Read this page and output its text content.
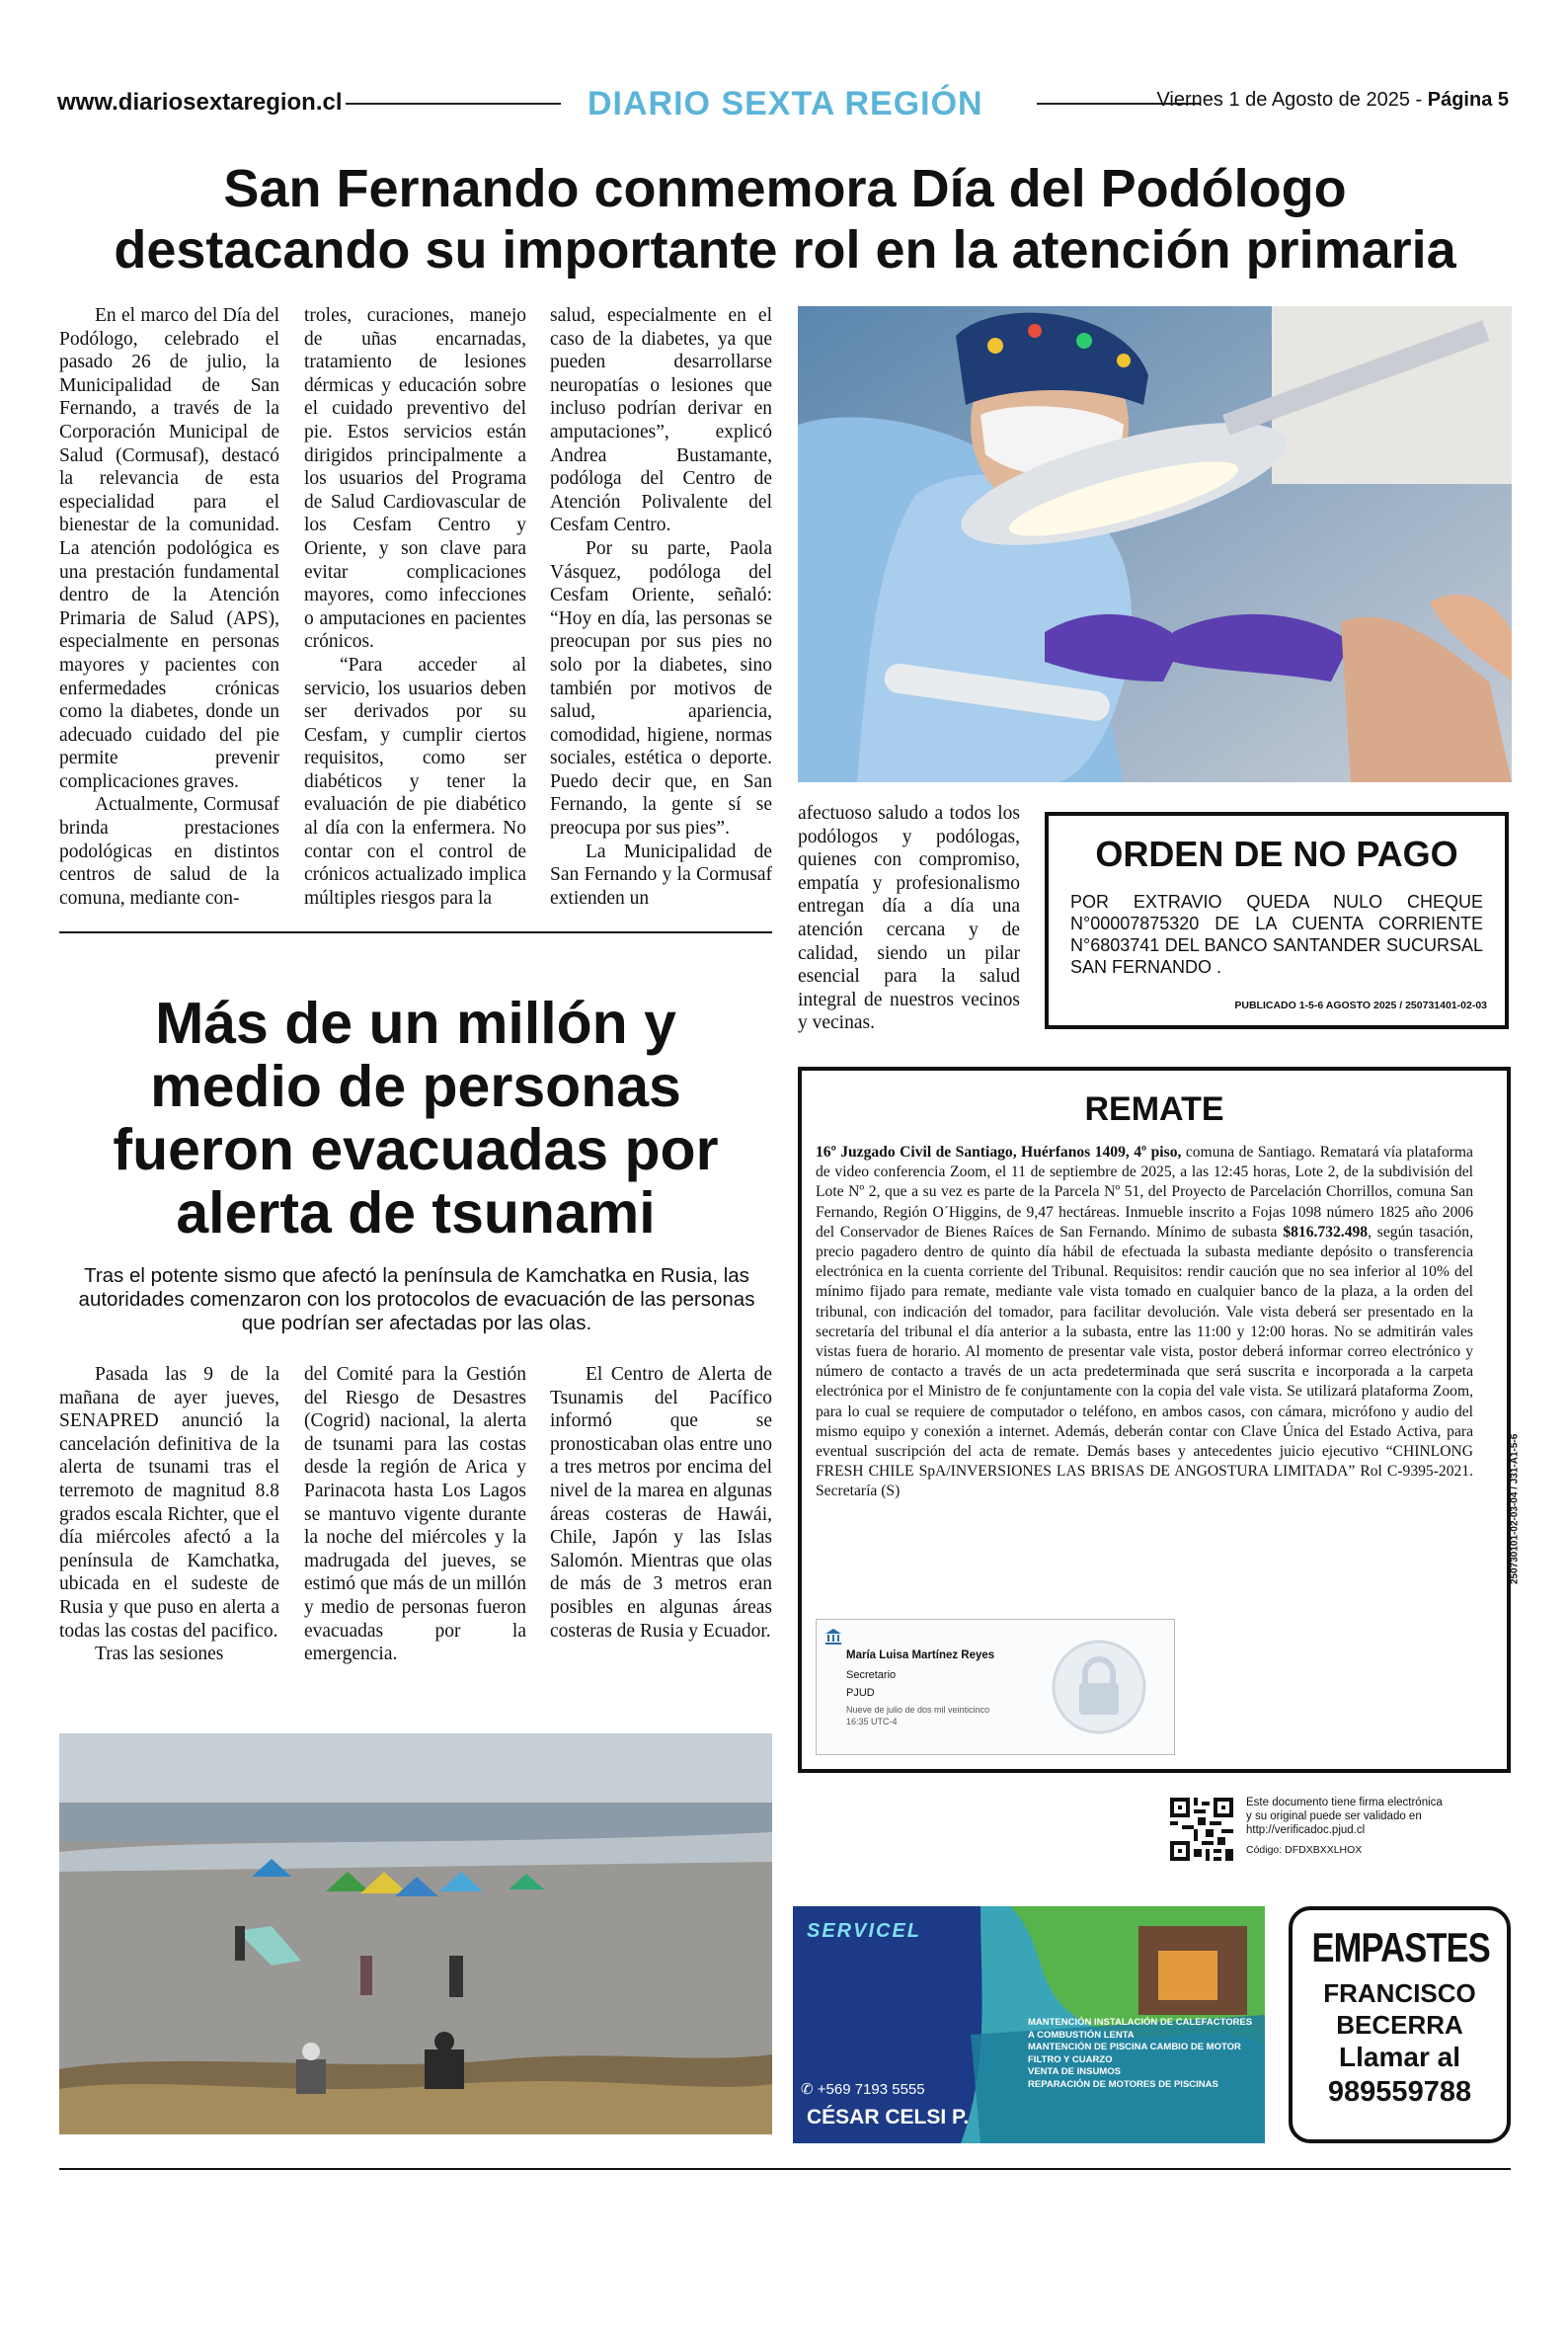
www.diariosextaregion.cl	DIARIO SEXTA REGIÓN	Viernes 1 de Agosto de 2025 - Página 5
San Fernando conmemora Día del Podólogo
destacando su importante rol en la atención primaria

En el marco del Día del Podólogo, celebrado el pasado 26 de julio, la Municipalidad de San Fernando, a través de la Corporación Municipal de Salud (Cormusaf), destacó la relevancia de esta especialidad para el bienestar de la comunidad. La atención podológica es una prestación fundamental dentro de la Atención Primaria de Salud (APS), especialmente en personas mayores y pacientes con enfermedades crónicas como la diabetes, donde un adecuado cuidado del pie permite prevenir complicaciones graves.

Actualmente, Cormusaf brinda prestaciones podológicas en distintos centros de salud de la comuna, mediante con-

troles, curaciones, manejo de uñas encarnadas, tratamiento de lesiones dérmicas y educación sobre el cuidado preventivo del pie. Estos servicios están dirigidos principalmente a los usuarios del Programa de Salud Cardiovascular de los Cesfam Centro y Oriente, y son clave para evitar complicaciones mayores, como infecciones o amputaciones en pacientes crónicos.

“Para acceder al servicio, los usuarios deben ser derivados por su Cesfam, y cumplir ciertos requisitos, como ser diabéticos y tener la evaluación de pie diabético al día con la enfermera. No contar con el control de crónicos actualizado implica múltiples riesgos para la

salud, especialmente en el caso de la diabetes, ya que pueden desarrollarse neuropatías o lesiones que incluso podrían derivar en amputaciones”, explicó Andrea Bustamante, podóloga del Centro de Atención Polivalente del Cesfam Centro.

Por su parte, Paola Vásquez, podóloga del Cesfam Oriente, señaló: “Hoy en día, las personas se preocupan por sus pies no solo por la diabetes, sino también por motivos de salud, apariencia, comodidad, higiene, normas sociales, estética o deporte. Puedo decir que, en San Fernando, la gente sí se preocupa por sus pies”.

La Municipalidad de San Fernando y la Cormusaf extienden un

afectuoso saludo a todos los podólogos y podólogas, quienes con compromiso, empatía y profesionalismo entregan día a día una atención cercana y de calidad, siendo un pilar esencial para la salud integral de nuestros vecinos y vecinas.

ORDEN DE NO PAGO
POR EXTRAVIO QUEDA NULO CHEQUE N°00007875320 DE LA CUENTA CORRIENTE N°6803741 DEL BANCO SANTANDER SUCURSAL SAN FERNANDO .
PUBLICADO 1-5-6 AGOSTO 2025 / 250731401-02-03
Más de un millón y
medio de personas
fueron evacuadas por
alerta de tsunami
Tras el potente sismo que afectó la península de Kamchatka en Rusia, las autoridades comenzaron con los protocolos de evacuación de las personas que podrían ser afectadas por las olas.

Pasada las 9 de la mañana de ayer jueves, SENAPRED anunció la cancelación definitiva de la alerta de tsunami tras el terremoto de magnitud 8.8 grados escala Richter, que el día miércoles afectó a la península de Kamchatka, ubicada en el sudeste de Rusia y que puso en alerta a todas las costas del pacifico.

Tras las sesiones

del Comité para la Gestión del Riesgo de Desastres (Cogrid) nacional, la alerta de tsunami para las costas desde la región de Arica y Parinacota hasta Los Lagos se mantuvo vigente durante la noche del miércoles y la madrugada del jueves, se estimó que más de un millón y medio de personas fueron evacuadas por la emergencia.

El Centro de Alerta de Tsunamis del Pacífico informó que se pronosticaban olas entre uno a tres metros por encima del nivel de la marea en algunas áreas costeras de Hawái, Chile, Japón y las Islas Salomón. Mientras que olas de más de 3 metros eran posibles en algunas áreas costeras de Rusia y Ecuador.

REMATE
16º Juzgado Civil de Santiago, Huérfanos 1409, 4º piso, comuna de Santiago. Rematará vía plataforma de video conferencia Zoom, el 11 de septiembre de 2025, a las 12:45 horas, Lote 2, de la subdivisión del Lote Nº 2, que a su vez es parte de la Parcela Nº 51, del Proyecto de Parcelación Chorrillos, comuna San Fernando, Región O´Higgins, de 9,47 hectáreas. Inmueble inscrito a Fojas 1098 número 1825 año 2006 del Conservador de Bienes Raíces de San Fernando. Mínimo de subasta $816.732.498, según tasación, precio pagadero dentro de quinto día hábil de efectuada la subasta mediante depósito o transferencia electrónica en la cuenta corriente del Tribunal. Requisitos: rendir caución que no sea inferior al 10% del mínimo fijado para remate, mediante vale vista tomado en cualquier banco de la plaza, a la orden del tribunal, con indicación del tomador, para facilitar devolución. Vale vista deberá ser presentado en la secretaría del tribunal el día anterior a la subasta, entre las 11:00 y 12:00 horas. No se admitirán vales vistas fuera de horario. Al momento de presentar vale vista, postor deberá informar correo electrónico y número de contacto a través de un acta predeterminada que será suscrita e incorporada a la carpeta electrónica por el Ministro de fe conjuntamente con la copia del vale vista. Se utilizará plataforma Zoom, para lo cual se requiere de computador o teléfono, en ambos casos, con cámara, micrófono y audio del mismo equipo y conexión a internet. Además, deberán contar con Clave Única del Estado Activa, para eventual suscripción del acta de remate. Demás bases y antecedentes juicio ejecutivo “CHINLONG FRESH CHILE SpA/INVERSIONES LAS BRISAS DE ANGOSTURA LIMITADA” Rol C-9395-2021. Secretaría (S)	250730101-02-03-04 / J31-A1-5-6
María Luisa Martínez Reyes
Secretario
PJUD
Nueve de julio de dos mil veinticinco
16:35 UTC-4
Este documento tiene firma electrónica
y su original puede ser validado en
http://verificadoc.pjud.cl
Código: DFDXBXXLHOX
SERVICEL
✆ +569 7193 5555
CÉSAR CELSI P.
MANTENCIÓN INSTALACIÓN DE CALEFACTORES A COMBUSTIÓN LENTA
MANTENCIÓN DE PISCINA CAMBIO DE MOTOR FILTRO Y CUARZO
VENTA DE INSUMOS
REPARACIÓN DE MOTORES DE PISCINAS
EMPASTES
FRANCISCO
BECERRA
Llamar al
989559788
